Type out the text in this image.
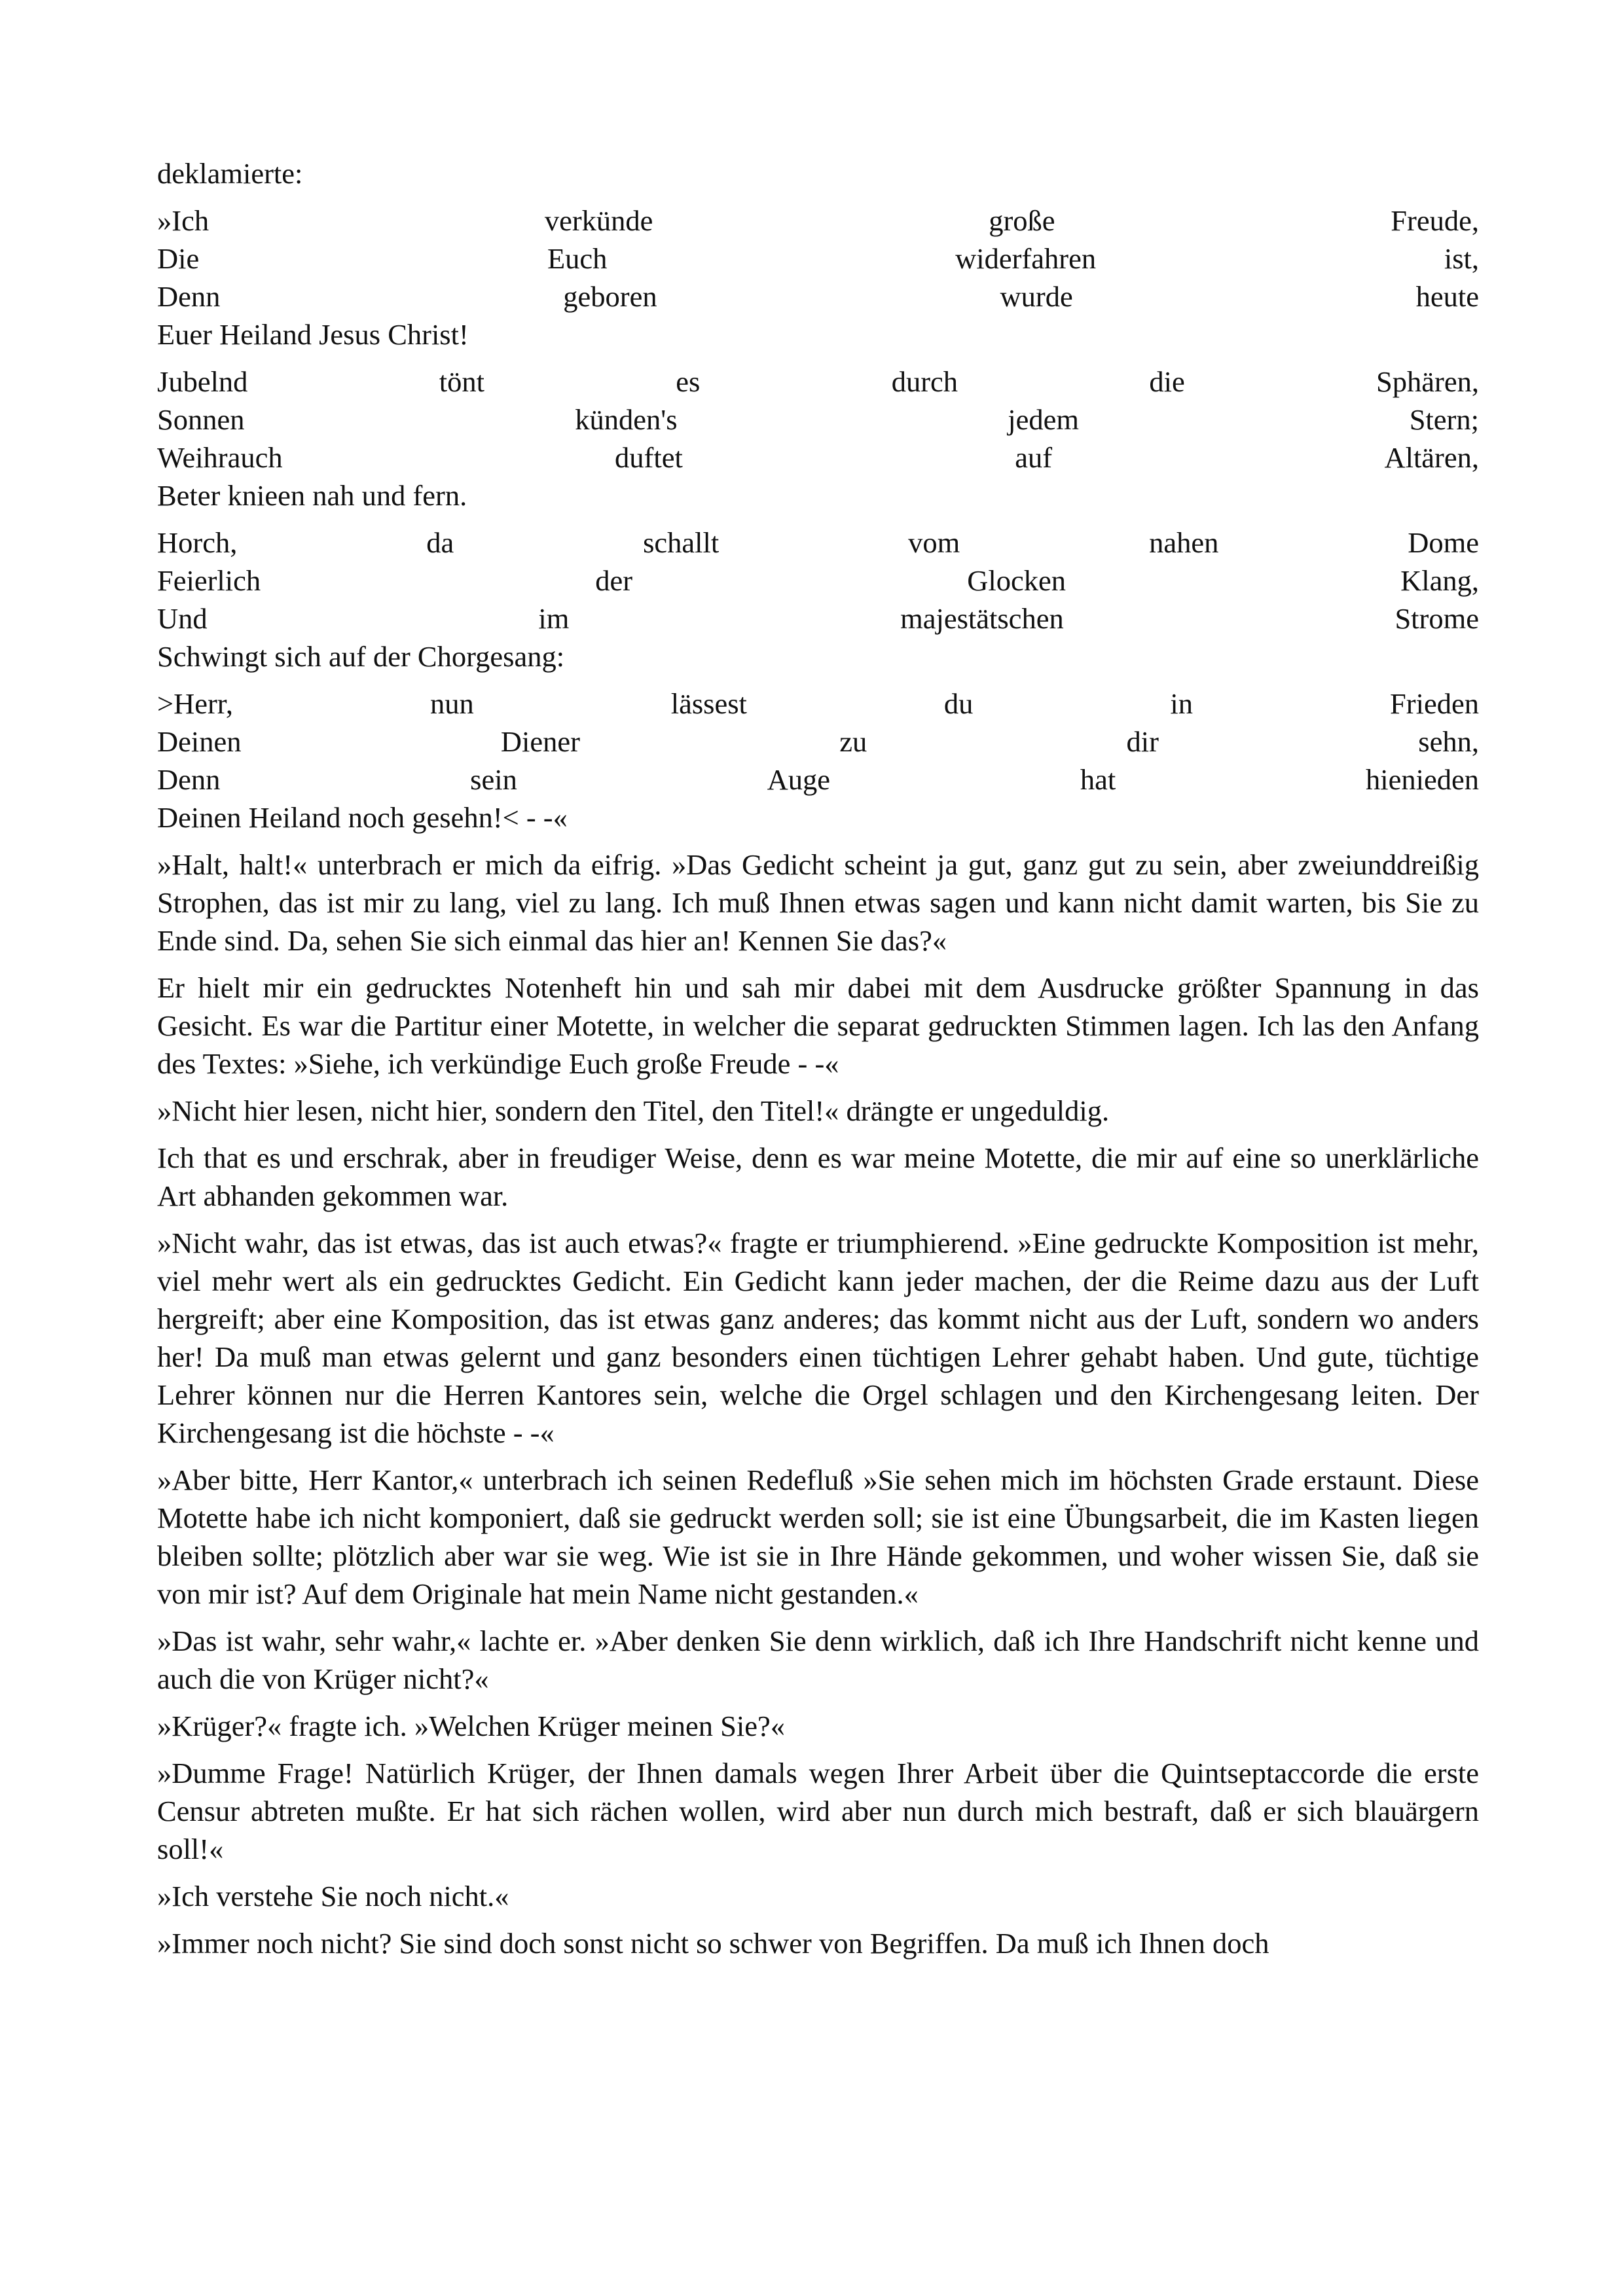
deklamierte:
»Ich	verkünde	große	Freude,
Die	Euch	widerfahren	ist,
Denn	geboren	wurde	heute
Euer Heiland Jesus Christ!
Jubelnd	tönt	es	durch	die	Sphären,
Sonnen	künden's	jedem	Stern;
Weihrauch	duftet	auf	Altären,
Beter knieen nah und fern.
Horch,	da	schallt	vom	nahen	Dome
Feierlich	der	Glocken	Klang,
Und	im	majestätschen	Strome
Schwingt sich auf der Chorgesang:
>Herr,	nun	lässest	du	in	Frieden
Deinen	Diener	zu	dir	sehn,
Denn	sein	Auge	hat	hienieden
Deinen Heiland noch gesehn!< - -«

»Halt, halt!« unterbrach er mich da eifrig. »Das Gedicht scheint ja gut, ganz gut zu sein, aber zweiunddreißig Strophen, das ist mir zu lang, viel zu lang. Ich muß Ihnen etwas sagen und kann nicht damit warten, bis Sie zu Ende sind. Da, sehen Sie sich einmal das hier an! Kennen Sie das?«

Er hielt mir ein gedrucktes Notenheft hin und sah mir dabei mit dem Ausdrucke größter Spannung in das Gesicht. Es war die Partitur einer Motette, in welcher die separat gedruckten Stimmen lagen. Ich las den Anfang des Textes: »Siehe, ich verkündige Euch große Freude - -«

»Nicht hier lesen, nicht hier, sondern den Titel, den Titel!« drängte er ungeduldig.

Ich that es und erschrak, aber in freudiger Weise, denn es war meine Motette, die mir auf eine so unerklärliche Art abhanden gekommen war.

»Nicht wahr, das ist etwas, das ist auch etwas?« fragte er triumphierend. »Eine gedruckte Komposition ist mehr, viel mehr wert als ein gedrucktes Gedicht. Ein Gedicht kann jeder machen, der die Reime dazu aus der Luft hergreift; aber eine Komposition, das ist etwas ganz anderes; das kommt nicht aus der Luft, sondern wo anders her! Da muß man etwas gelernt und ganz besonders einen tüchtigen Lehrer gehabt haben. Und gute, tüchtige Lehrer können nur die Herren Kantores sein, welche die Orgel schlagen und den Kirchengesang leiten. Der Kirchengesang ist die höchste - -«

»Aber bitte, Herr Kantor,« unterbrach ich seinen Redefluß »Sie sehen mich im höchsten Grade erstaunt. Diese Motette habe ich nicht komponiert, daß sie gedruckt werden soll; sie ist eine Übungsarbeit, die im Kasten liegen bleiben sollte; plötzlich aber war sie weg. Wie ist sie in Ihre Hände gekommen, und woher wissen Sie, daß sie von mir ist? Auf dem Originale hat mein Name nicht gestanden.«

»Das ist wahr, sehr wahr,« lachte er. »Aber denken Sie denn wirklich, daß ich Ihre Handschrift nicht kenne und auch die von Krüger nicht?«

»Krüger?« fragte ich. »Welchen Krüger meinen Sie?«

»Dumme Frage! Natürlich Krüger, der Ihnen damals wegen Ihrer Arbeit über die Quintseptaccorde die erste Censur abtreten mußte. Er hat sich rächen wollen, wird aber nun durch mich bestraft, daß er sich blauärgern soll!«

»Ich verstehe Sie noch nicht.«

»Immer noch nicht? Sie sind doch sonst nicht so schwer von Begriffen. Da muß ich Ihnen doch
